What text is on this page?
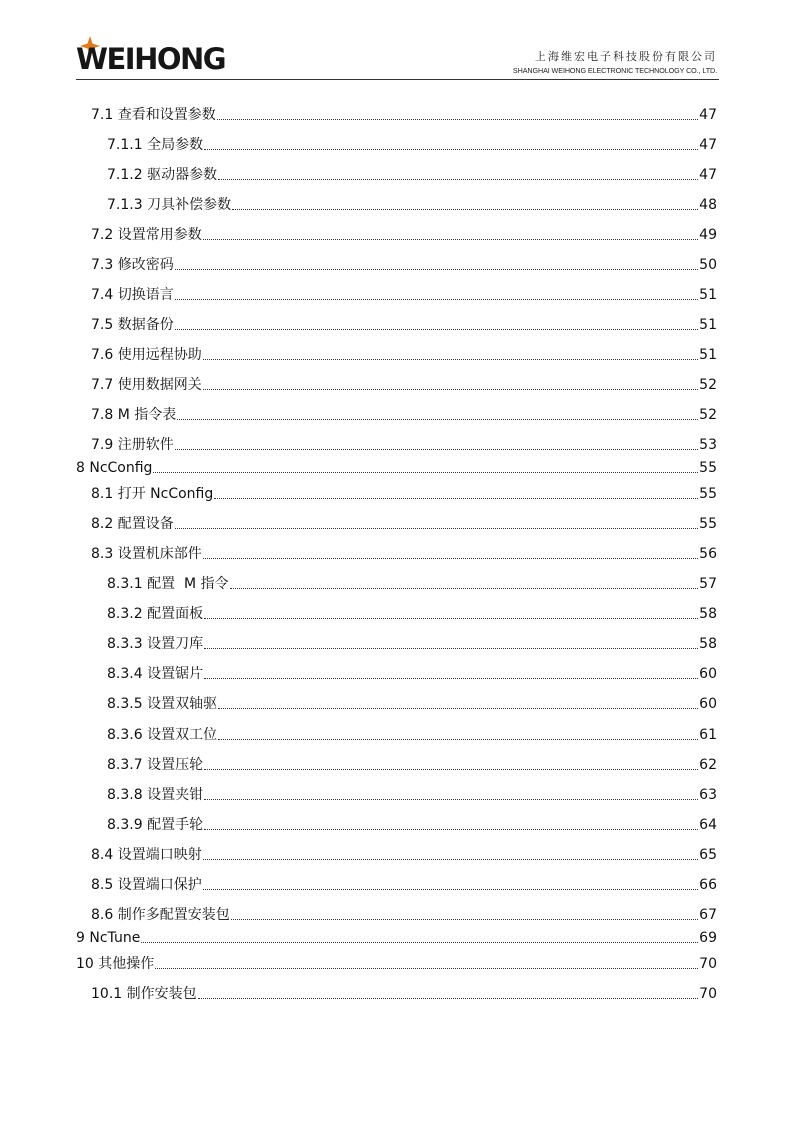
WEIHONG	上海维宏电子科技股份有限公司
SHANGHAI WEIHONG ELECTRONIC TECHNOLOGY CO., LTD.
7.1 查看和设置参数	47
7.1.1 全局参数	47
7.1.2 驱动器参数	47
7.1.3 刀具补偿参数	48
7.2 设置常用参数	49
7.3 修改密码	50
7.4 切换语言	51
7.5 数据备份	51
7.6 使用远程协助	51
7.7 使用数据网关	52
7.8 M 指令表	52
7.9 注册软件	53
8 NcConfig	55
8.1 打开 NcConfig	55
8.2 配置设备	55
8.3 设置机床部件	56
8.3.1 配置  M 指令	57
8.3.2 配置面板	58
8.3.3 设置刀库	58
8.3.4 设置锯片	60
8.3.5 设置双轴驱	60
8.3.6 设置双工位	61
8.3.7 设置压轮	62
8.3.8 设置夹钳	63
8.3.9 配置手轮	64
8.4 设置端口映射	65
8.5 设置端口保护	66
8.6 制作多配置安装包	67
9 NcTune	69
10 其他操作	70
10.1 制作安装包	70
